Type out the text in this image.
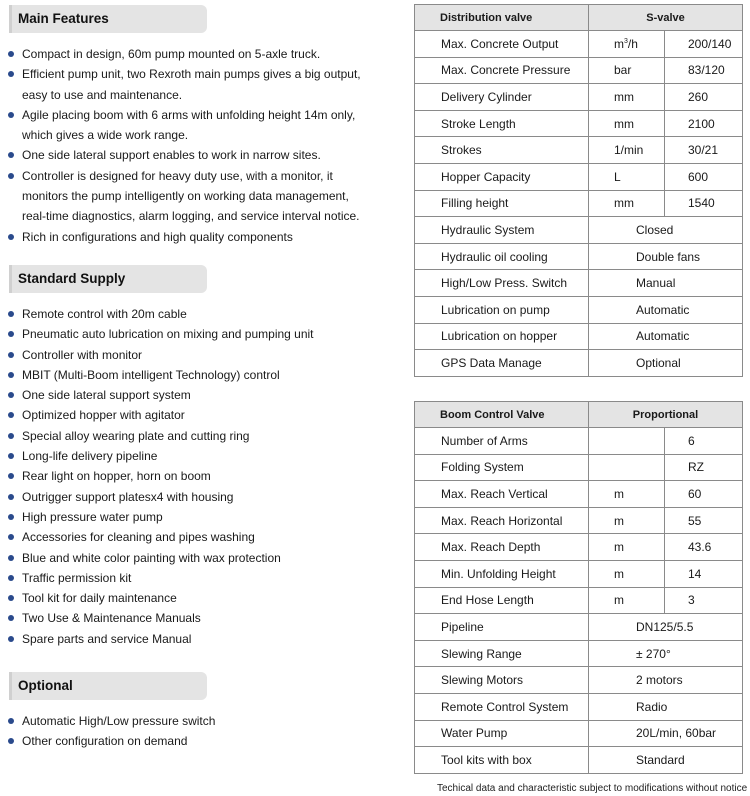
Main Features
Compact in design, 60m pump mounted on 5-axle truck.
Efficient pump unit, two Rexroth main pumps gives a big output,
easy to use and maintenance.
Agile placing boom with 6 arms with unfolding height 14m only,
which gives a wide work range.
One side lateral support enables to work in narrow sites.
Controller is designed for heavy duty use, with a monitor, it
monitors the pump intelligently on working data management,
real-time diagnostics, alarm logging, and service interval notice.
Rich in configurations and high quality components
Standard Supply
Remote control with 20m cable
Pneumatic auto lubrication on mixing and pumping unit
Controller with monitor
MBIT (Multi-Boom intelligent Technology) control
One side lateral support system
Optimized hopper with agitator
Special alloy wearing plate and cutting ring
Long-life delivery pipeline
Rear light on hopper, horn on boom
Outrigger support platesx4 with housing
High pressure water pump
Accessories for cleaning and pipes washing
Blue and white color painting with wax protection
Traffic permission kit
Tool kit for daily maintenance
Two Use & Maintenance Manuals
Spare parts and service Manual
Optional
Automatic High/Low pressure switch
Other configuration on demand
Distribution valve	S-valve	
Max. Concrete Output	$m^3/h$	200/140
Max. Concrete Pressure	bar	83/120
Delivery Cylinder	mm	260
Stroke Length	mm	2100
Strokes	1/min	30/21
Hopper Capacity	L	600
Filling height	mm	1540
Hydraulic System	Closed	
Hydraulic oil cooling	Double fans	
High/Low Press. Switch	Manual	
Lubrication on pump	Automatic	
Lubrication on hopper	Automatic	
GPS Data Manage	Optional	
Boom Control Valve	Proportional	
Number of Arms		6
Folding System		RZ
Max. Reach Vertical	m	60
Max. Reach Horizontal	m	55
Max. Reach Depth	m	43.6
Min. Unfolding Height	m	14
End Hose Length	m	3
Pipeline	DN125/5.5	
Slewing Range	± 270°	
Slewing Motors	2 motors	
Remote Control System	Radio	
Water Pump	20L/min, 60bar	
Tool kits with box	Standard	
Techical data and characteristic subject to modifications without notice
